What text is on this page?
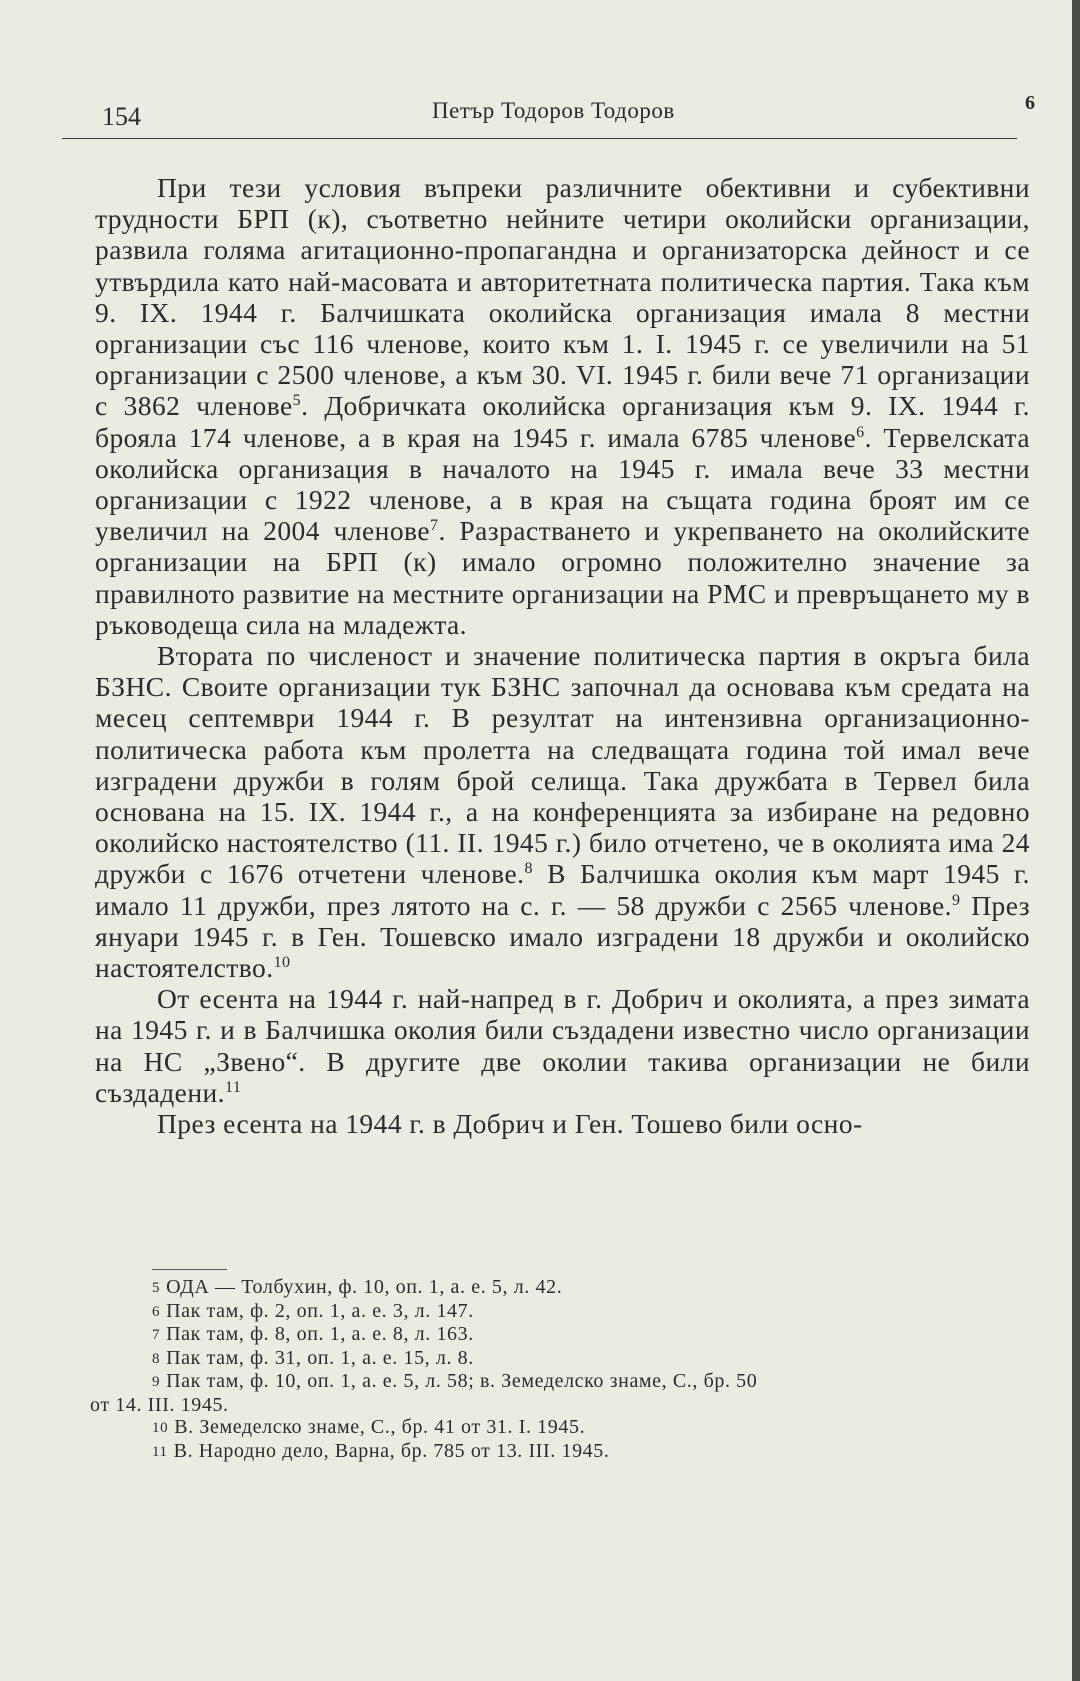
154	Петър Тодоров Тодоров	6

При тези условия въпреки различните обективни и субективни трудности БРП (к), съответно нейните четири околийски организации, развила голяма агитационно-пропагандна и организаторска дейност и се утвърдила като най-масовата и авторитетната политическа партия. Така към 9. IX. 1944 г. Балчишката околийска организация имала 8 местни организации със 116 членове, които към 1. I. 1945 г. се увеличили на 51 организации с 2500 членове, а към 30. VI. 1945 г. били вече 71 организации с 3862 членове$^5$. Добричката околийска организация към 9. IX. 1944 г. брояла 174 членове, а в края на 1945 г. имала 6785 членове$^6$. Тервелската околийска организация в началото на 1945 г. имала вече 33 местни организации с 1922 членове, а в края на същата година броят им се увеличил на 2004 членове$^7$. Разрастването и укрепването на околийските организации на БРП (к) имало огромно положително значение за правилното развитие на местните организации на РМС и превръщането му в ръководеща сила на младежта.

Втората по численост и значение политическа партия в окръга била БЗНС. Своите организации тук БЗНС започнал да основава към средата на месец септември 1944 г. В резултат на интензивна организационно-политическа работа към пролетта на следващата година той имал вече изградени дружби в голям брой селища. Така дружбата в Тервел била основана на 15. IX. 1944 г., а на конференцията за избиране на редовно околийско настоятелство (11. II. 1945 г.) било отчетено, че в околията има 24 дружби с 1676 отчетени членове.$^8$ В Балчишка околия към март 1945 г. имало 11 дружби, през лятото на с. г. — 58 дружби с 2565 членове.$^9$ През януари 1945 г. в Ген. Тошевско имало изградени 18 дружби и околийско настоятелство.$^{10}$

От есента на 1944 г. най-напред в г. Добрич и околията, а през зимата на 1945 г. и в Балчишка околия били създадени известно число организации на НС „Звено“. В другите две околии такива организации не били създадени.$^{11}$

През есента на 1944 г. в Добрич и Ген. Тошево били осно-

5 ОДА — Толбухин, ф. 10, оп. 1, а. е. 5, л. 42.
6 Пак там, ф. 2, оп. 1, а. е. 3, л. 147.
7 Пак там, ф. 8, оп. 1, а. е. 8, л. 163.
8 Пак там, ф. 31, оп. 1, а. е. 15, л. 8.
9 Пак там, ф. 10, оп. 1, а. е. 5, л. 58; в. Земеделско знаме, С., бр. 50
от 14. III. 1945.
10 В. Земеделско знаме, С., бр. 41 от 31. I. 1945.
11 В. Народно дело, Варна, бр. 785 от 13. III. 1945.
